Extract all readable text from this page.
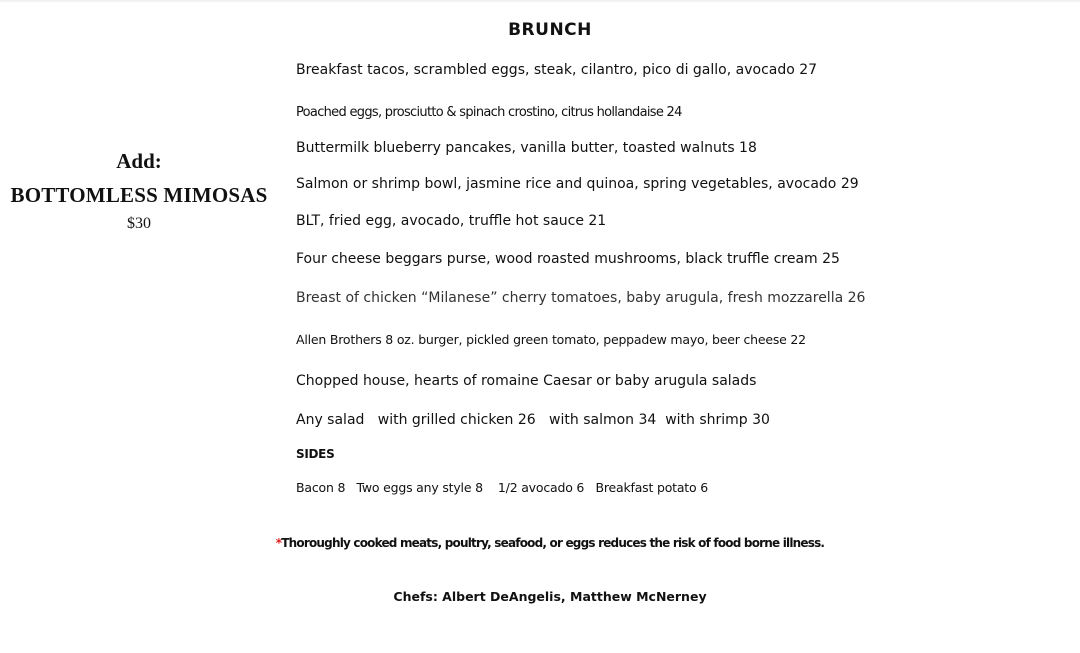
Add:
BOTTOMLESS MIMOSAS
$30
BRUNCH
Breakfast tacos, scrambled eggs, steak, cilantro, pico di gallo, avocado 27
Poached eggs, prosciutto & spinach crostino, citrus hollandaise 24
Buttermilk blueberry pancakes, vanilla butter, toasted walnuts 18
Salmon or shrimp bowl, jasmine rice and quinoa, spring vegetables, avocado 29
BLT, fried egg, avocado, truffle hot sauce 21
Four cheese beggars purse, wood roasted mushrooms, black truffle cream 25
Breast of chicken “Milanese” cherry tomatoes, baby arugula, fresh mozzarella 26
Allen Brothers 8 oz. burger, pickled green tomato, peppadew mayo, beer cheese 22
Chopped house, hearts of romaine Caesar or baby arugula salads
Any salad   with grilled chicken 26   with salmon 34  with shrimp 30
SIDES
Bacon 8   Two eggs any style 8    1/2 avocado 6   Breakfast potato 6
*Thoroughly cooked meats, poultry, seafood, or eggs reduces the risk of food borne illness.
Chefs: Albert DeAngelis, Matthew McNerney
